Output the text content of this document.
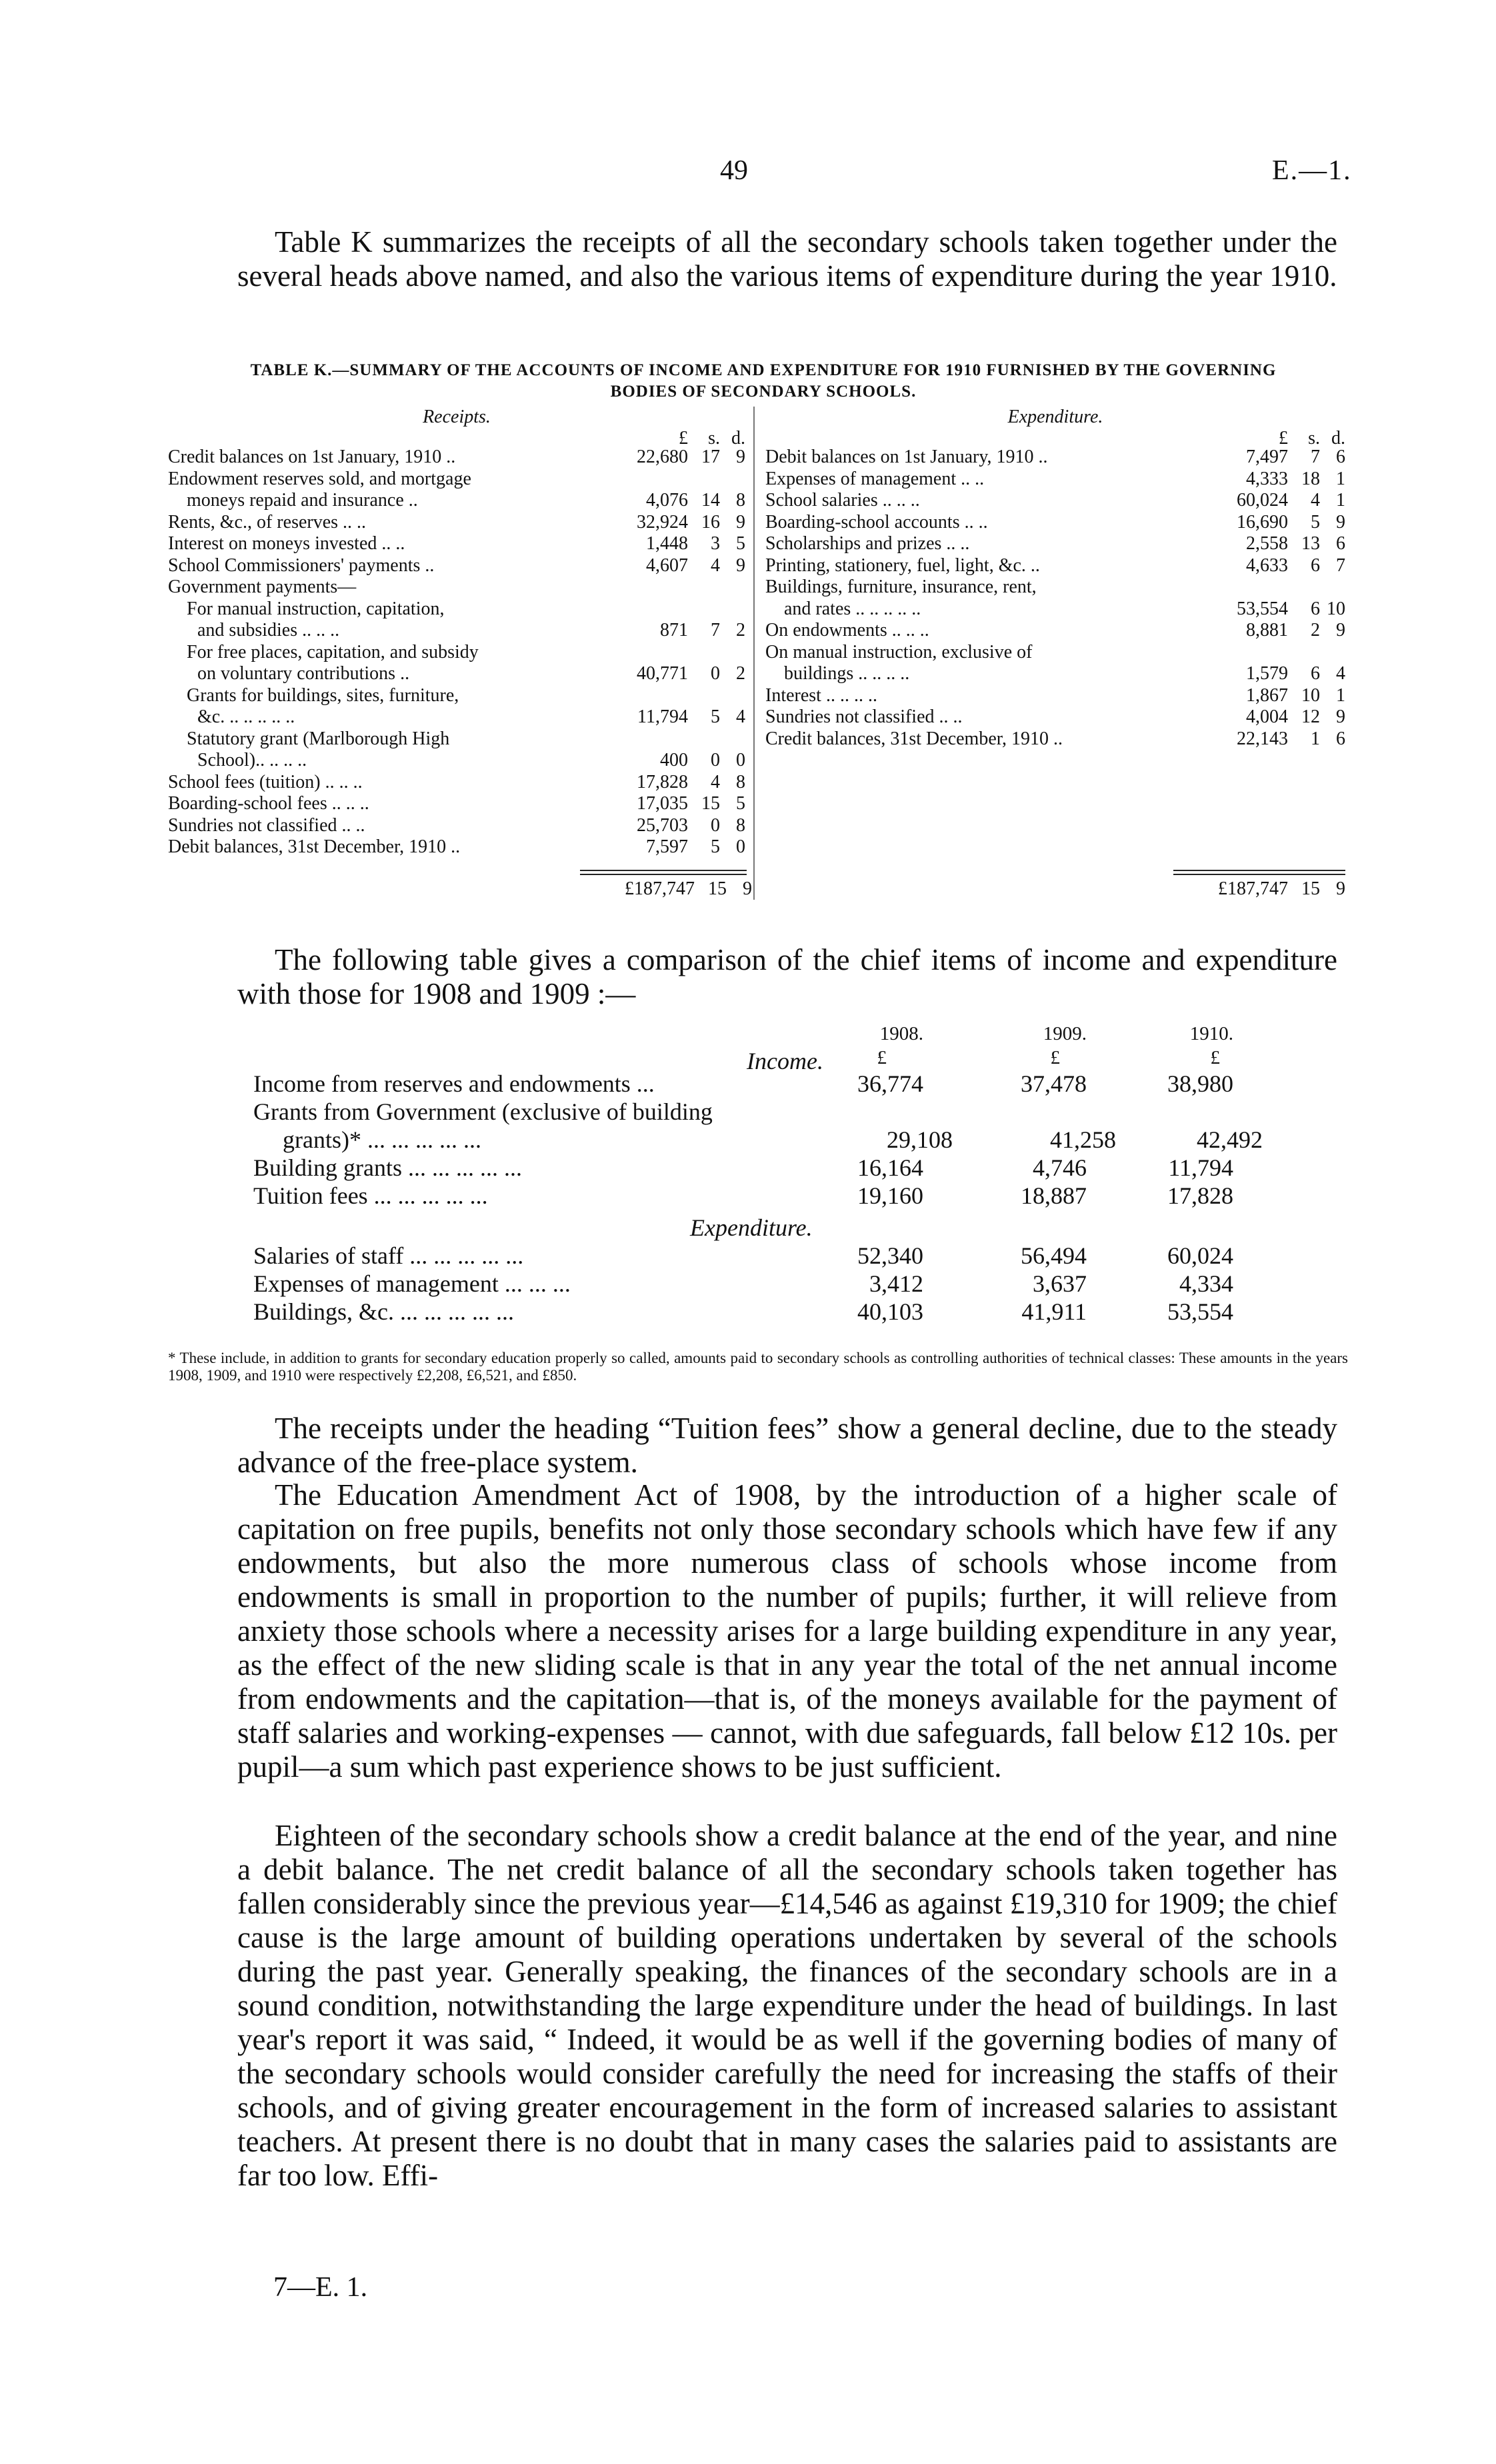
49	E.—1.
Table K summarizes the receipts of all the secondary schools taken together under the several heads above named, and also the various items of expenditure during the year 1910.
TABLE K.—SUMMARY OF THE ACCOUNTS OF INCOME AND EXPENDITURE FOR 1910 FURNISHED BY THE GOVERNING
BODIES OF SECONDARY SCHOOLS.
Receipts.
£	s. d.
Credit balances on 1st January, 1910 ..	22,680 17 9
Endowment reserves sold, and mortgage
moneys repaid and insurance ..	4,076 14 8
Rents, &c., of reserves .. ..	32,924 16 9
Interest on moneys invested .. ..	1,448	3 5
School Commissioners' payments ..	4,607	4 9
Government payments—
For manual instruction, capitation,
and subsidies .. .. ..	871	7 2
For free places, capitation, and subsidy
on voluntary contributions ..	40,771	0 2
Grants for buildings, sites, furniture,
&c. .. .. .. .. ..	11,794	5 4
Statutory grant (Marlborough High
School).. .. .. ..	400	0 0
School fees (tuition) .. .. ..	17,828	4 8
Boarding-school fees .. .. ..	17,035 15 5
Sundries not classified .. ..	25,703	0 8
Debit balances, 31st December, 1910 ..	7,597	5 0
Expenditure.
£	s. d.
Debit balances on 1st January, 1910 ..	7,497	7 6
Expenses of management .. ..	4,333 18 1
School salaries .. .. ..	60,024	4 1
Boarding-school accounts .. ..	16,690	5 9
Scholarships and prizes .. ..	2,558 13 6
Printing, stationery, fuel, light, &c. ..	4,633	6 7
Buildings, furniture, insurance, rent,
and rates .. .. .. .. ..	53,554	6 10
On endowments .. .. ..	8,881	2 9
On manual instruction, exclusive of
buildings .. .. .. ..	1,579	6 4
Interest .. .. .. ..	1,867 10 1
Sundries not classified .. ..	4,004 12 9
Credit balances, 31st December, 1910 ..	22,143	1 6
£187,747 15 9	£187,747 15 9
The following table gives a comparison of the chief items of income and expenditure with those for 1908 and 1909 :—
1908.	1909.	1910.
Income.	£	£	£
Income from reserves and endowments ...	36,774	37,478	38,980
Grants from Government (exclusive of building
grants)* ... ... ... ... ...	29,108	41,258	42,492
Building grants ... ... ... ... ...	16,164	4,746	11,794
Tuition fees ... ... ... ... ...	19,160	18,887	17,828
Expenditure.
Salaries of staff ... ... ... ... ...	52,340	56,494	60,024
Expenses of management ... ... ...	3,412	3,637	4,334
Buildings, &c. ... ... ... ... ...	40,103	41,911	53,554
* These include, in addition to grants for secondary education properly so called, amounts paid to secondary schools as controlling authorities of technical classes: These amounts in the years 1908, 1909, and 1910 were respectively £2,208, £6,521, and £850.
The receipts under the heading “Tuition fees” show a general decline, due to the steady advance of the free-place system.
The Education Amendment Act of 1908, by the introduction of a higher scale of capitation on free pupils, benefits not only those secondary schools which have few if any endowments, but also the more numerous class of schools whose income from endowments is small in proportion to the number of pupils; further, it will relieve from anxiety those schools where a necessity arises for a large building expenditure in any year, as the effect of the new sliding scale is that in any year the total of the net annual income from endowments and the capitation—that is, of the moneys available for the payment of staff salaries and working-expenses — cannot, with due safeguards, fall below £12 10s. per pupil—a sum which past experience shows to be just sufficient.
Eighteen of the secondary schools show a credit balance at the end of the year, and nine a debit balance. The net credit balance of all the secondary schools taken together has fallen considerably since the previous year—£14,546 as against £19,310 for 1909; the chief cause is the large amount of building operations undertaken by several of the schools during the past year. Generally speaking, the finances of the secondary schools are in a sound condition, notwithstanding the large expenditure under the head of buildings. In last year's report it was said, “ Indeed, it would be as well if the governing bodies of many of the secondary schools would consider carefully the need for increasing the staffs of their schools, and of giving greater encouragement in the form of increased salaries to assistant teachers. At present there is no doubt that in many cases the salaries paid to assistants are far too low. Effi-
7—E. 1.
